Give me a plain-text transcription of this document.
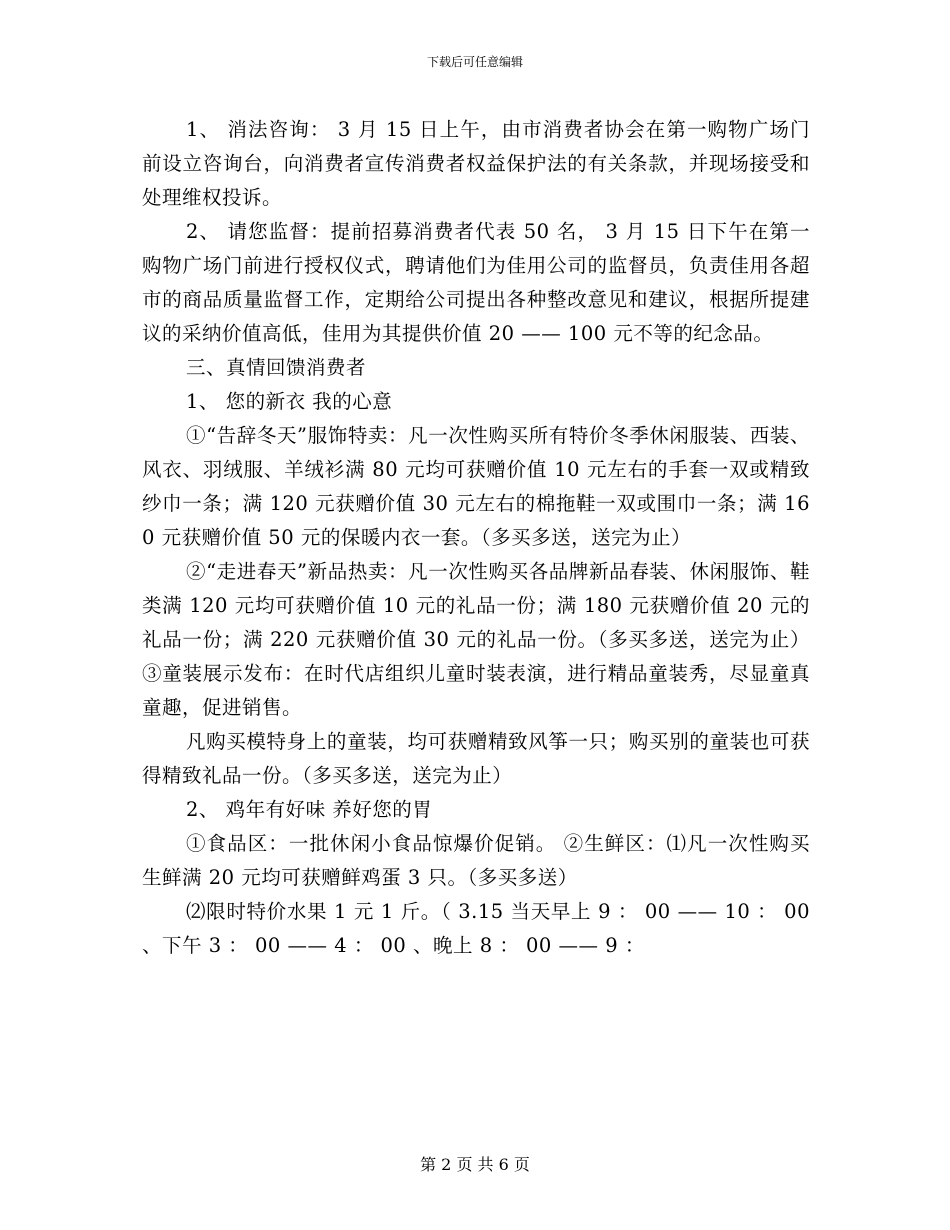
下载后可任意编辑

1、 消法咨询： 3 月 15 日上午，由市消费者协会在第一购物广场门前设立咨询台，向消费者宣传消费者权益保护法的有关条款，并现场接受和处理维权投诉。

2、 请您监督：提前招募消费者代表 50 名， 3 月 15 日下午在第一购物广场门前进行授权仪式，聘请他们为佳用公司的监督员，负责佳用各超市的商品质量监督工作，定期给公司提出各种整改意见和建议，根据所提建议的采纳价值高低，佳用为其提供价值 20 —— 100 元不等的纪念品。

三、真情回馈消费者

1、 您的新衣 我的心意

①“告辞冬天”服饰特卖：凡一次性购买所有特价冬季休闲服装、西装、风衣、羽绒服、羊绒衫满 80 元均可获赠价值 10 元左右的手套一双或精致纱巾一条；满 120 元获赠价值 30 元左右的棉拖鞋一双或围巾一条；满 160 元获赠价值 50 元的保暖内衣一套。（多买多送，送完为止）

②“走进春天”新品热卖：凡一次性购买各品牌新品春装、休闲服饰、鞋类满 120 元均可获赠价值 10 元的礼品一份；满 180 元获赠价值 20 元的礼品一份；满 220 元获赠价值 30 元的礼品一份。（多买多送，送完为止） ③童装展示发布：在时代店组织儿童时装表演，进行精品童装秀，尽显童真童趣，促进销售。

凡购买模特身上的童装，均可获赠精致风筝一只；购买别的童装也可获得精致礼品一份。（多买多送，送完为止）

2、 鸡年有好味 养好您的胃

①食品区：一批休闲小食品惊爆价促销。 ②生鲜区：⑴凡一次性购买生鲜满 20 元均可获赠鲜鸡蛋 3 只。（多买多送）

⑵限时特价水果 1 元 1 斤。（ 3.15 当天早上 9 ： 00 —— 10 ： 00 、下午 3 ： 00 —— 4 ： 00 、晚上 8 ： 00 —— 9 ：

第 2 页 共 6 页
